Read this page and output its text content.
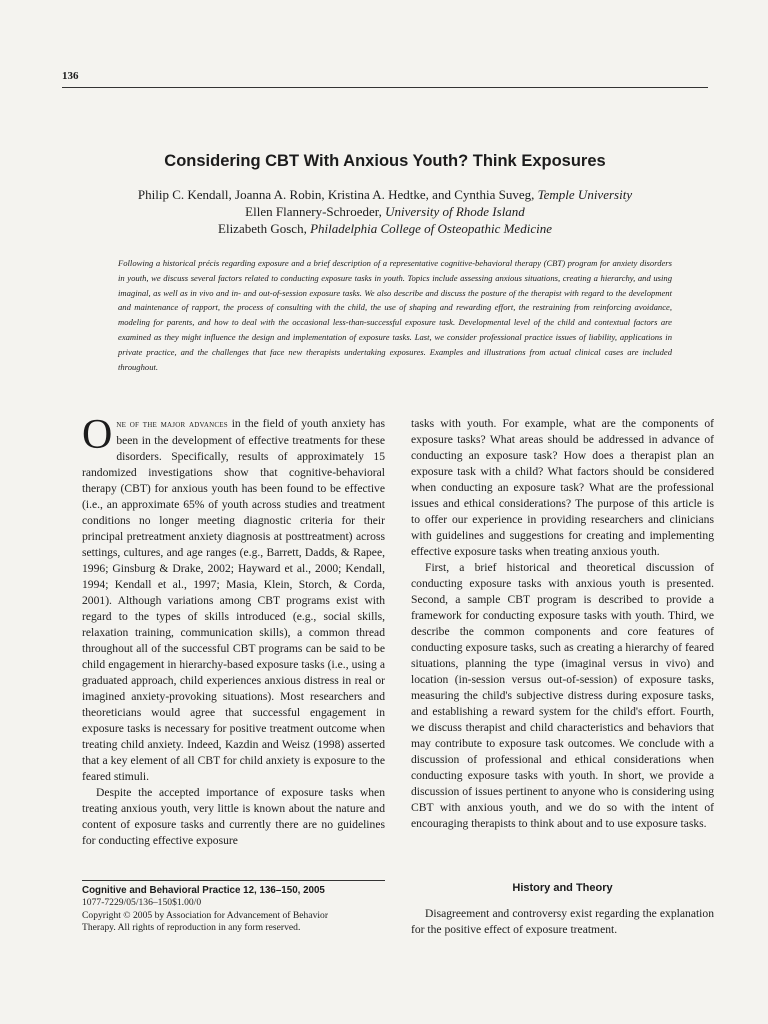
136
Considering CBT With Anxious Youth? Think Exposures
Philip C. Kendall, Joanna A. Robin, Kristina A. Hedtke, and Cynthia Suveg, Temple University
Ellen Flannery-Schroeder, University of Rhode Island
Elizabeth Gosch, Philadelphia College of Osteopathic Medicine
Following a historical précis regarding exposure and a brief description of a representative cognitive-behavioral therapy (CBT) program for anxiety disorders in youth, we discuss several factors related to conducting exposure tasks in youth. Topics include assessing anxious situations, creating a hierarchy, and using imaginal, as well as in vivo and in- and out-of-session exposure tasks. We also describe and discuss the posture of the therapist with regard to the development and maintenance of rapport, the process of consulting with the child, the use of shaping and rewarding effort, the restraining from reinforcing avoidance, modeling for parents, and how to deal with the occasional less-than-successful exposure task. Developmental level of the child and contextual factors are examined as they might influence the design and implementation of exposure tasks. Last, we consider professional practice issues of liability, applications in private practice, and the challenges that face new therapists undertaking exposures. Examples and illustrations from actual clinical cases are included throughout.

One of the major advances in the field of youth anxiety has been in the development of effective treatments for these disorders. Specifically, results of approximately 15 randomized investigations show that cognitive-behavioral therapy (CBT) for anxious youth has been found to be effective (i.e., an approximate 65% of youth across studies and treatment conditions no longer meeting diagnostic criteria for their principal pretreatment anxiety diagnosis at posttreatment) across settings, cultures, and age ranges (e.g., Barrett, Dadds, & Rapee, 1996; Ginsburg & Drake, 2002; Hayward et al., 2000; Kendall, 1994; Kendall et al., 1997; Masia, Klein, Storch, & Corda, 2001). Although variations among CBT programs exist with regard to the types of skills introduced (e.g., social skills, relaxation training, communication skills), a common thread throughout all of the successful CBT programs can be said to be child engagement in hierarchy-based exposure tasks (i.e., using a graduated approach, child experiences anxious distress in real or imagined anxiety-provoking situations). Most researchers and theoreticians would agree that successful engagement in exposure tasks is necessary for positive treatment outcome when treating child anxiety. Indeed, Kazdin and Weisz (1998) asserted that a key element of all CBT for child anxiety is exposure to the feared stimuli.

Despite the accepted importance of exposure tasks when treating anxious youth, very little is known about the nature and content of exposure tasks and currently there are no guidelines for conducting effective exposure

tasks with youth. For example, what are the components of exposure tasks? What areas should be addressed in advance of conducting an exposure task? How does a therapist plan an exposure task with a child? What factors should be considered when conducting an exposure task? What are the professional issues and ethical considerations? The purpose of this article is to offer our experience in providing researchers and clinicians with guidelines and suggestions for creating and implementing effective exposure tasks when treating anxious youth.

First, a brief historical and theoretical discussion of conducting exposure tasks with anxious youth is presented. Second, a sample CBT program is described to provide a framework for conducting exposure tasks with youth. Third, we describe the common components and core features of conducting exposure tasks, such as creating a hierarchy of feared situations, planning the type (imaginal versus in vivo) and location (in-session versus out-of-session) of exposure tasks, measuring the child's subjective distress during exposure tasks, and establishing a reward system for the child's effort. Fourth, we discuss therapist and child characteristics and behaviors that may contribute to exposure task outcomes. We conclude with a discussion of professional and ethical considerations when conducting exposure tasks with youth. In short, we provide a discussion of issues pertinent to anyone who is considering using CBT with anxious youth, and we do so with the intent of encouraging therapists to think about and to use exposure tasks.

Cognitive and Behavioral Practice 12, 136–150, 2005
1077-7229/05/136–150$1.00/0
Copyright © 2005 by Association for Advancement of Behavior
Therapy. All rights of reproduction in any form reserved.
History and Theory

Disagreement and controversy exist regarding the explanation for the positive effect of exposure treatment.
